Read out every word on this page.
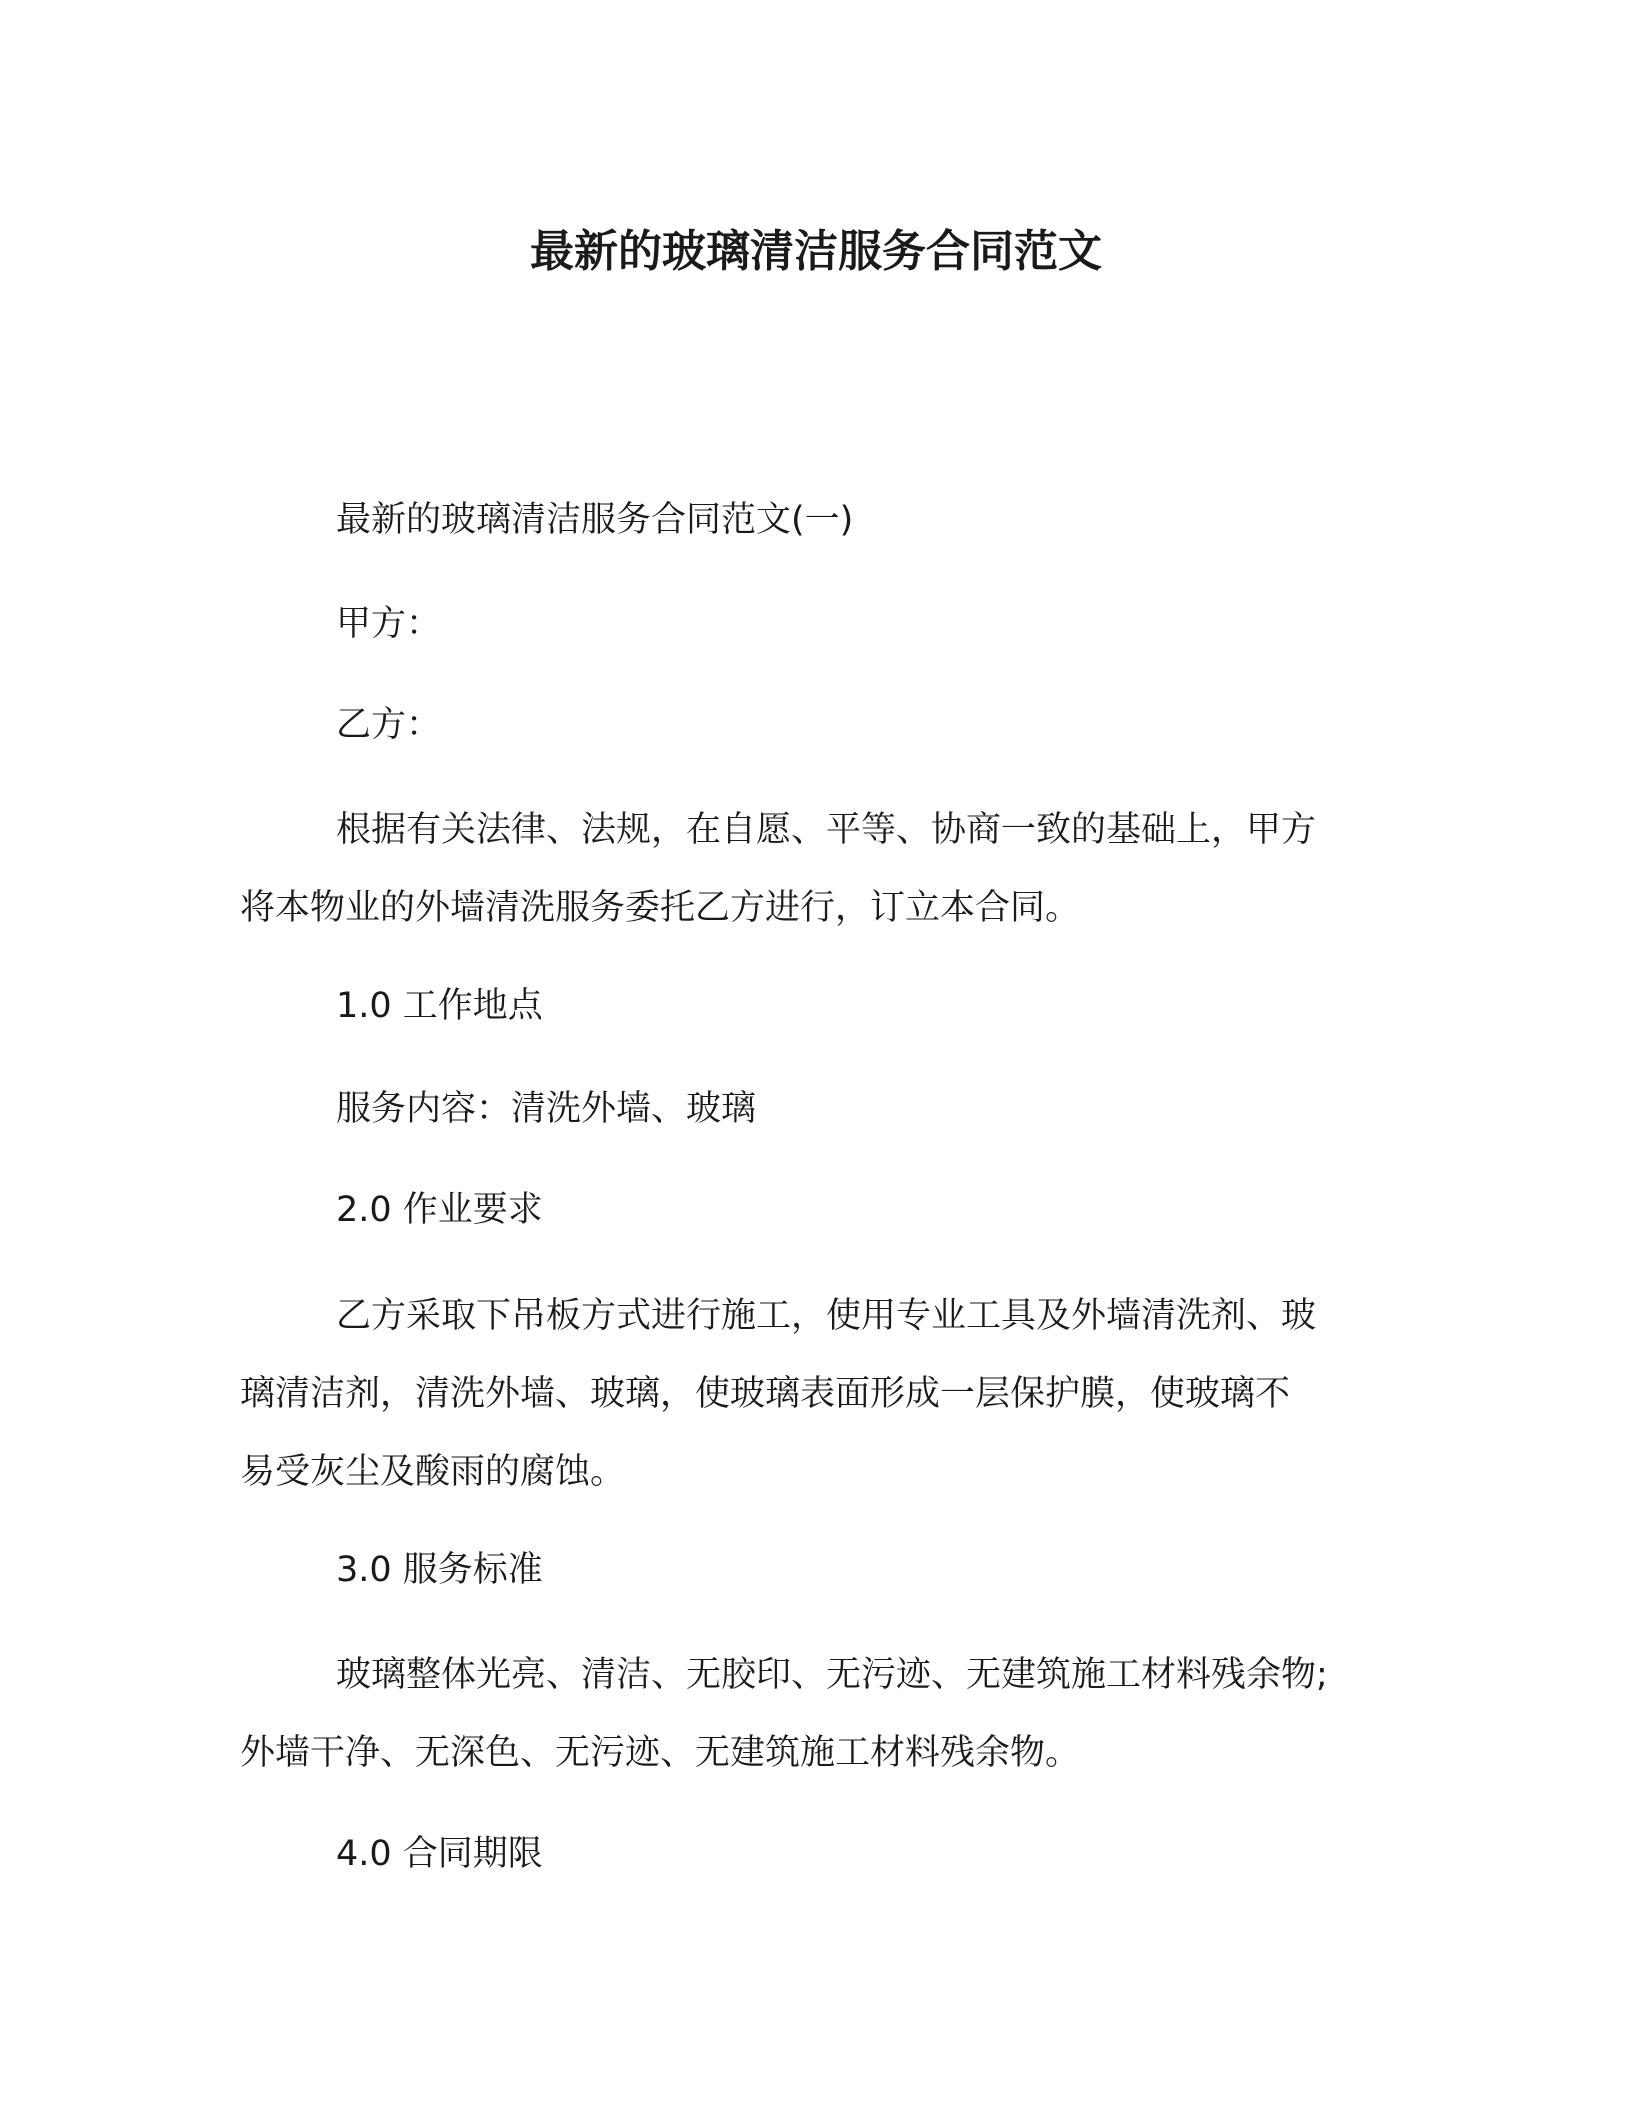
最新的玻璃清洁服务合同范文

最新的玻璃清洁服务合同范文(一)

甲方：

乙方：

根据有关法律、法规，在自愿、平等、协商一致的基础上，甲方
将本物业的外墙清洗服务委托乙方进行，订立本合同。

1.0 工作地点

服务内容：清洗外墙、玻璃

2.0 作业要求

乙方采取下吊板方式进行施工，使用专业工具及外墙清洗剂、玻
璃清洁剂，清洗外墙、玻璃，使玻璃表面形成一层保护膜，使玻璃不
易受灰尘及酸雨的腐蚀。

3.0 服务标准

玻璃整体光亮、清洁、无胶印、无污迹、无建筑施工材料残余物;
外墙干净、无深色、无污迹、无建筑施工材料残余物。

4.0 合同期限
